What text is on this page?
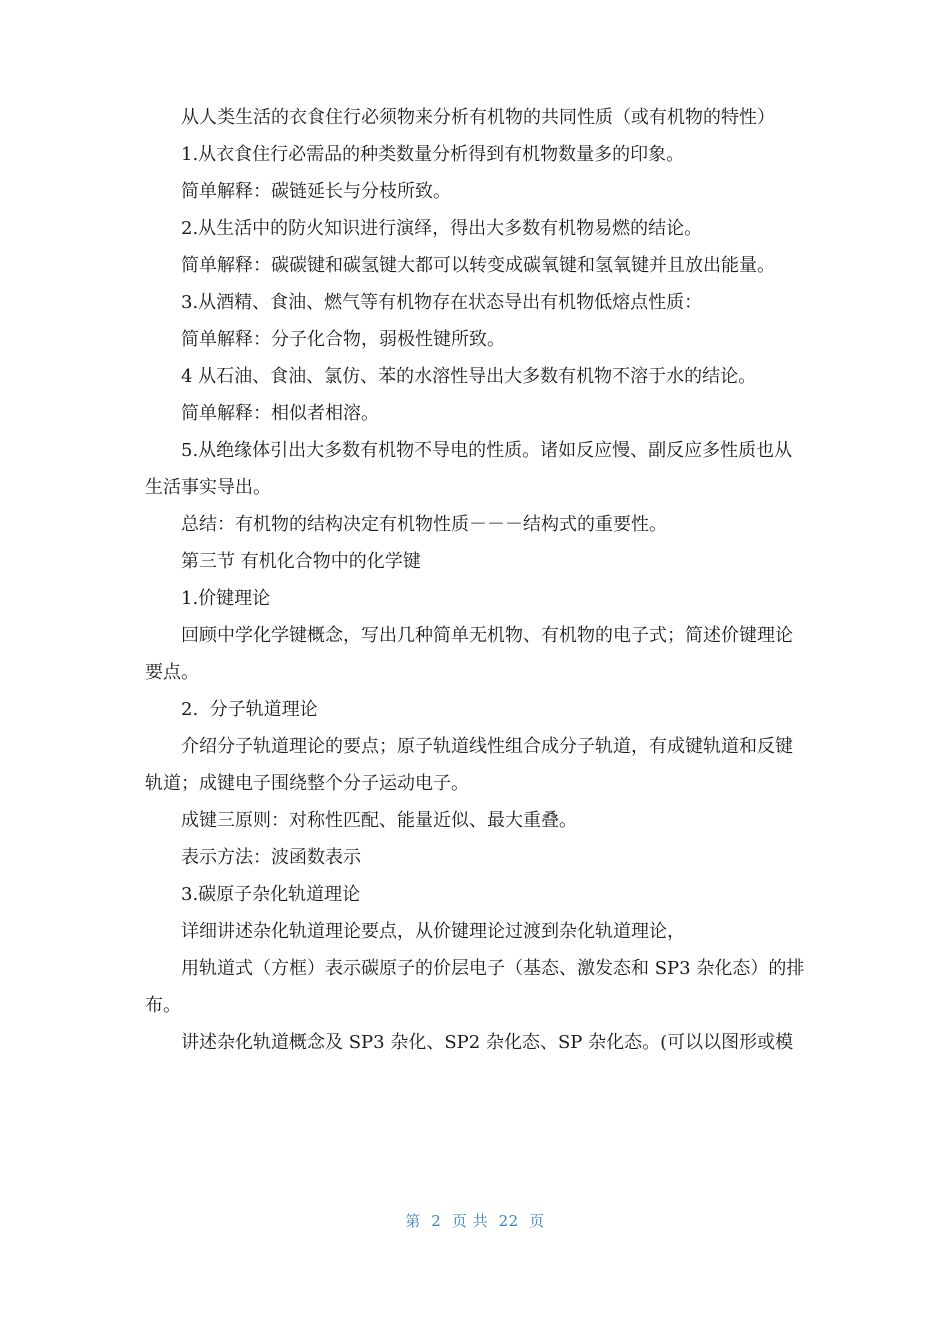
从人类生活的衣食住行必须物来分析有机物的共同性质（或有机物的特性）

1.从衣食住行必需品的种类数量分析得到有机物数量多的印象。

简单解释：碳链延长与分枝所致。

2.从生活中的防火知识进行演绎，得出大多数有机物易燃的结论。

简单解释：碳碳键和碳氢键大都可以转变成碳氧键和氢氧键并且放出能量。

3.从酒精、食油、燃气等有机物存在状态导出有机物低熔点性质：

简单解释：分子化合物，弱极性键所致。

4 从石油、食油、氯仿、苯的水溶性导出大多数有机物不溶于水的结论。

简单解释：相似者相溶。

5.从绝缘体引出大多数有机物不导电的性质。诸如反应慢、副反应多性质也从生活事实导出。

总结：有机物的结构决定有机物性质－－－结构式的重要性。

第三节 有机化合物中的化学键

1.价键理论

回顾中学化学键概念，写出几种简单无机物、有机物的电子式；简述价键理论要点。

2.  分子轨道理论

介绍分子轨道理论的要点；原子轨道线性组合成分子轨道，有成键轨道和反键轨道；成键电子围绕整个分子运动电子。

成键三原则：对称性匹配、能量近似、最大重叠。

表示方法：波函数表示

3.碳原子杂化轨道理论

详细讲述杂化轨道理论要点，从价键理论过渡到杂化轨道理论，

用轨道式（方框）表示碳原子的价层电子（基态、激发态和 SP3 杂化态）的排布。

讲述杂化轨道概念及 SP3 杂化、SP2 杂化态、SP 杂化态。(可以以图形或模

第  2  页 共  22  页
